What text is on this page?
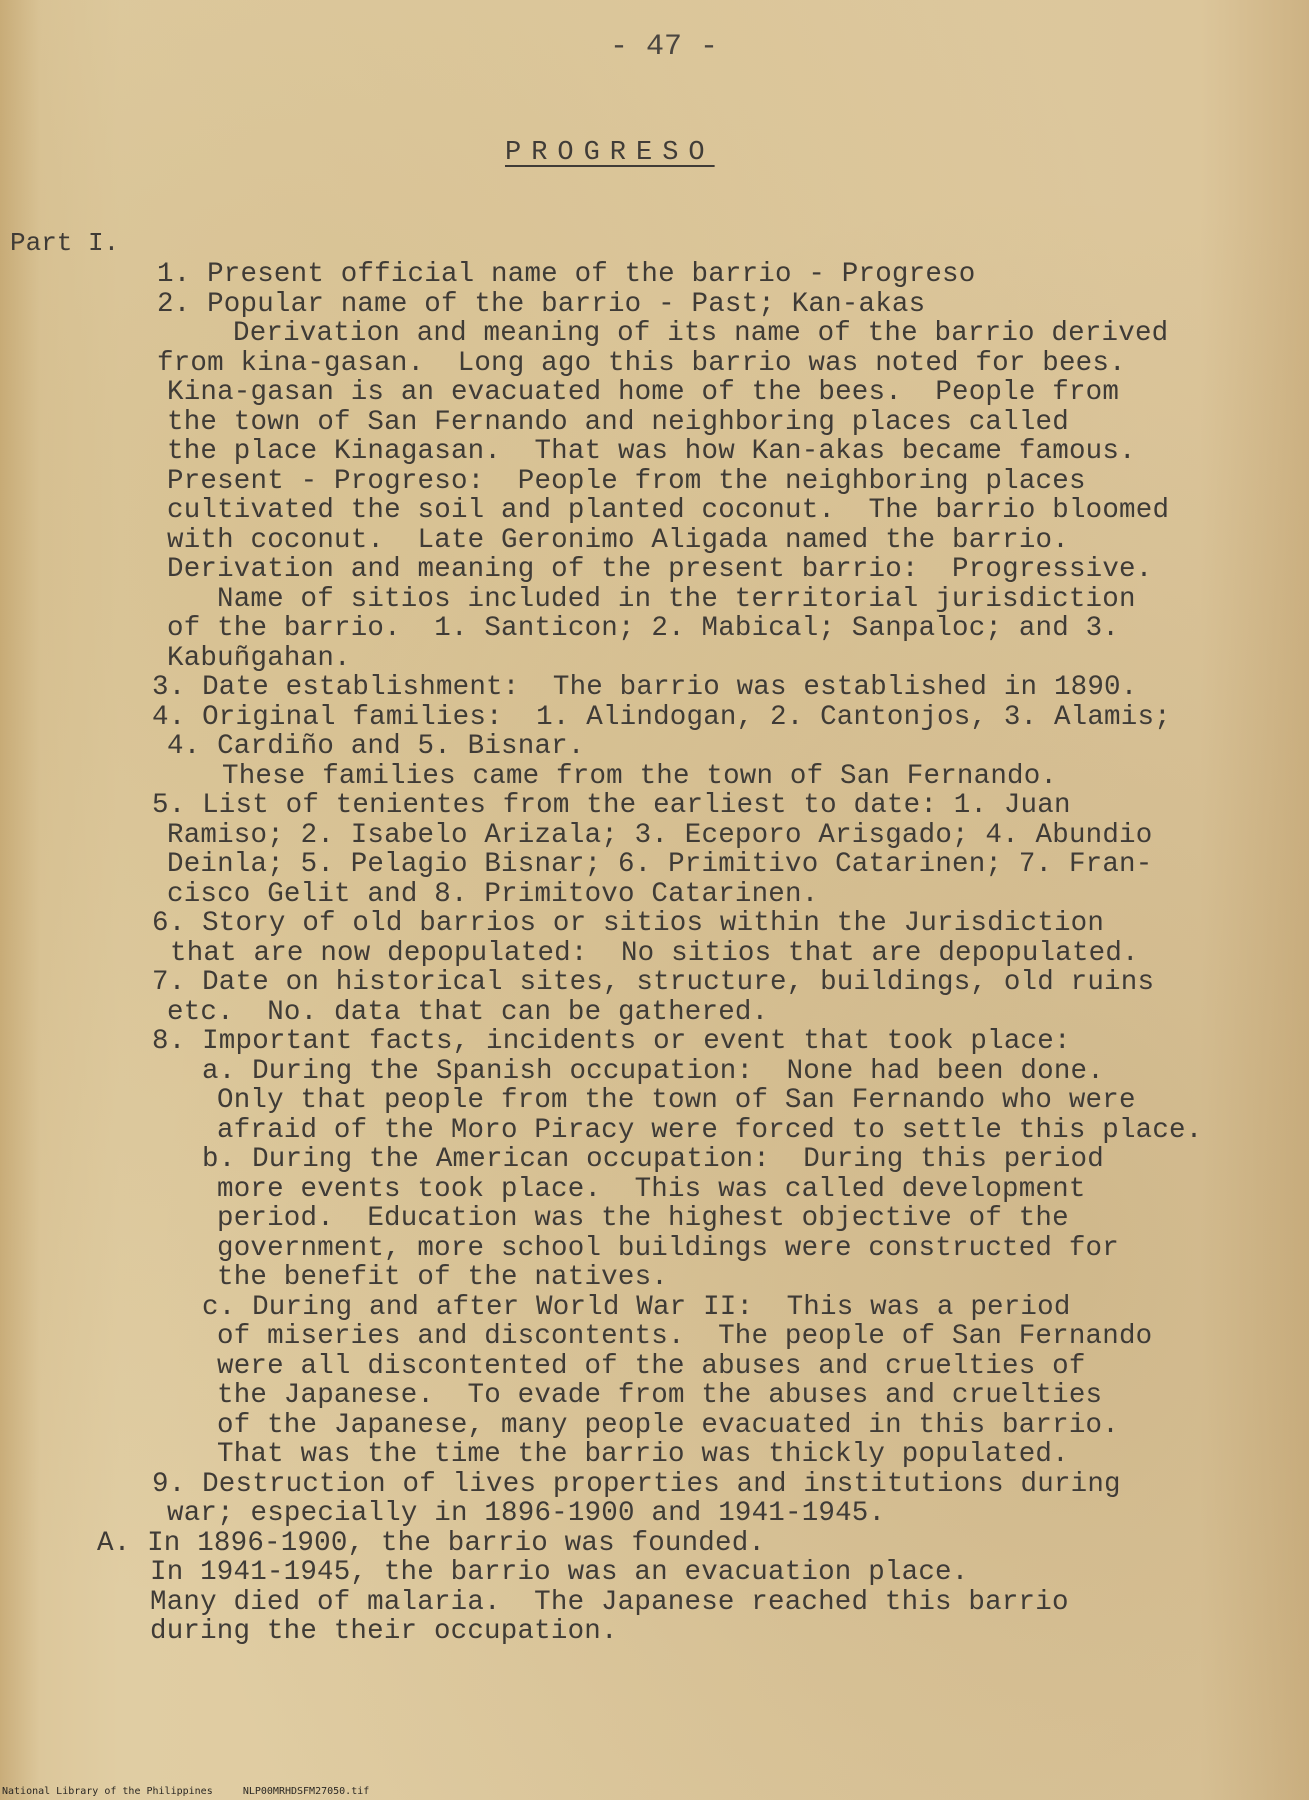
- 47 -
PROGRESO
Part I.
1. Present official name of the barrio - Progreso
2. Popular name of the barrio - Past; Kan-akas
Derivation and meaning of its name of the barrio derived
from kina-gasan.  Long ago this barrio was noted for bees.
Kina-gasan is an evacuated home of the bees.  People from
the town of San Fernando and neighboring places called
the place Kinagasan.  That was how Kan-akas became famous.
Present - Progreso:  People from the neighboring places
cultivated the soil and planted coconut.  The barrio bloomed
with coconut.  Late Geronimo Aligada named the barrio.
Derivation and meaning of the present barrio:  Progressive.
Name of sitios included in the territorial jurisdiction
of the barrio.  1. Santicon; 2. Mabical; Sanpaloc; and 3.
Kabuñgahan.
3. Date establishment:  The barrio was established in 1890.
4. Original families:  1. Alindogan, 2. Cantonjos, 3. Alamis;
4. Cardiño and 5. Bisnar.
These families came from the town of San Fernando.
5. List of tenientes from the earliest to date: 1. Juan
Ramiso; 2. Isabelo Arizala; 3. Eceporo Arisgado; 4. Abundio
Deinla; 5. Pelagio Bisnar; 6. Primitivo Catarinen; 7. Fran-
cisco Gelit and 8. Primitovo Catarinen.
6. Story of old barrios or sitios within the Jurisdiction
that are now depopulated:  No sitios that are depopulated.
7. Date on historical sites, structure, buildings, old ruins
etc.  No. data that can be gathered.
8. Important facts, incidents or event that took place:
a. During the Spanish occupation:  None had been done.
Only that people from the town of San Fernando who were
afraid of the Moro Piracy were forced to settle this place.
b. During the American occupation:  During this period
more events took place.  This was called development
period.  Education was the highest objective of the
government, more school buildings were constructed for
the benefit of the natives.
c. During and after World War II:  This was a period
of miseries and discontents.  The people of San Fernando
were all discontented of the abuses and cruelties of
the Japanese.  To evade from the abuses and cruelties
of the Japanese, many people evacuated in this barrio.
That was the time the barrio was thickly populated.
9. Destruction of lives properties and institutions during
war; especially in 1896-1900 and 1941-1945.
A. In 1896-1900, the barrio was founded.
In 1941-1945, the barrio was an evacuation place.
Many died of malaria.  The Japanese reached this barrio
during the their occupation.
National Library of the Philippines     NLP00MRHDSFM27050.tif
